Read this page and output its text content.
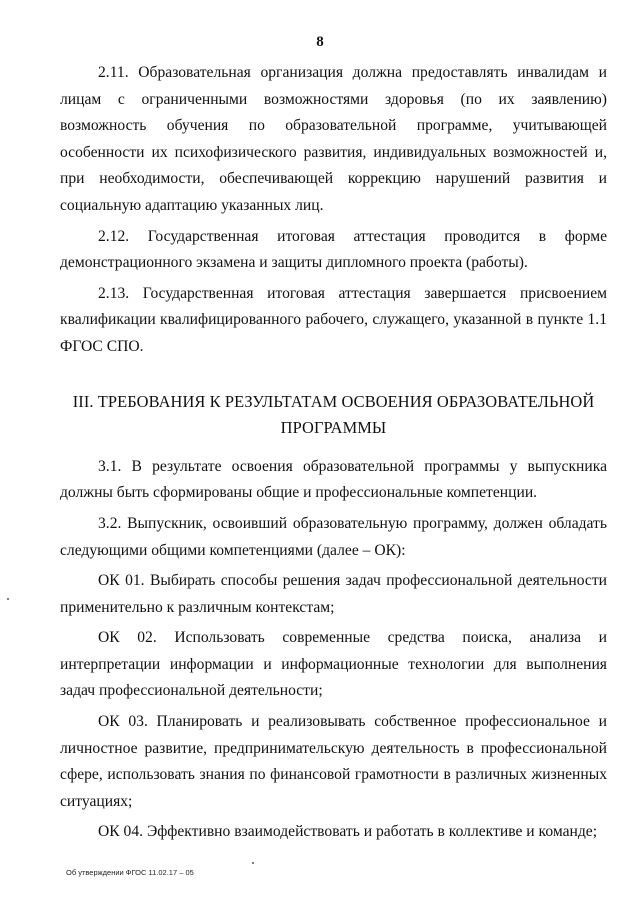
8

2.11. Образовательная организация должна предоставлять инвалидам и лицам с ограниченными возможностями здоровья (по их заявлению) возможность обучения по образовательной программе, учитывающей особенности их психофизического развития, индивидуальных возможностей и, при необходимости, обеспечивающей коррекцию нарушений развития и социальную адаптацию указанных лиц.

2.12. Государственная итоговая аттестация проводится в форме демонстрационного экзамена и защиты дипломного проекта (работы).

2.13. Государственная итоговая аттестация завершается присвоением квалификации квалифицированного рабочего, служащего, указанной в пункте 1.1 ФГОС СПО.

III. ТРЕБОВАНИЯ К РЕЗУЛЬТАТАМ ОСВОЕНИЯ ОБРАЗОВАТЕЛЬНОЙ
ПРОГРАММЫ

3.1. В результате освоения образовательной программы у выпускника должны быть сформированы общие и профессиональные компетенции.

3.2. Выпускник, освоивший образовательную программу, должен обладать следующими общими компетенциями (далее – ОК):

ОК 01. Выбирать способы решения задач профессиональной деятельности применительно к различным контекстам;

ОК 02. Использовать современные средства поиска, анализа и интерпретации информации и информационные технологии для выполнения задач профессиональной деятельности;

ОК 03. Планировать и реализовывать собственное профессиональное и личностное развитие, предпринимательскую деятельность в профессиональной сфере, использовать знания по финансовой грамотности в различных жизненных ситуациях;

ОК 04. Эффективно взаимодействовать и работать в коллективе и команде;

Об утверждении ФГОС 11.02.17 – 05
